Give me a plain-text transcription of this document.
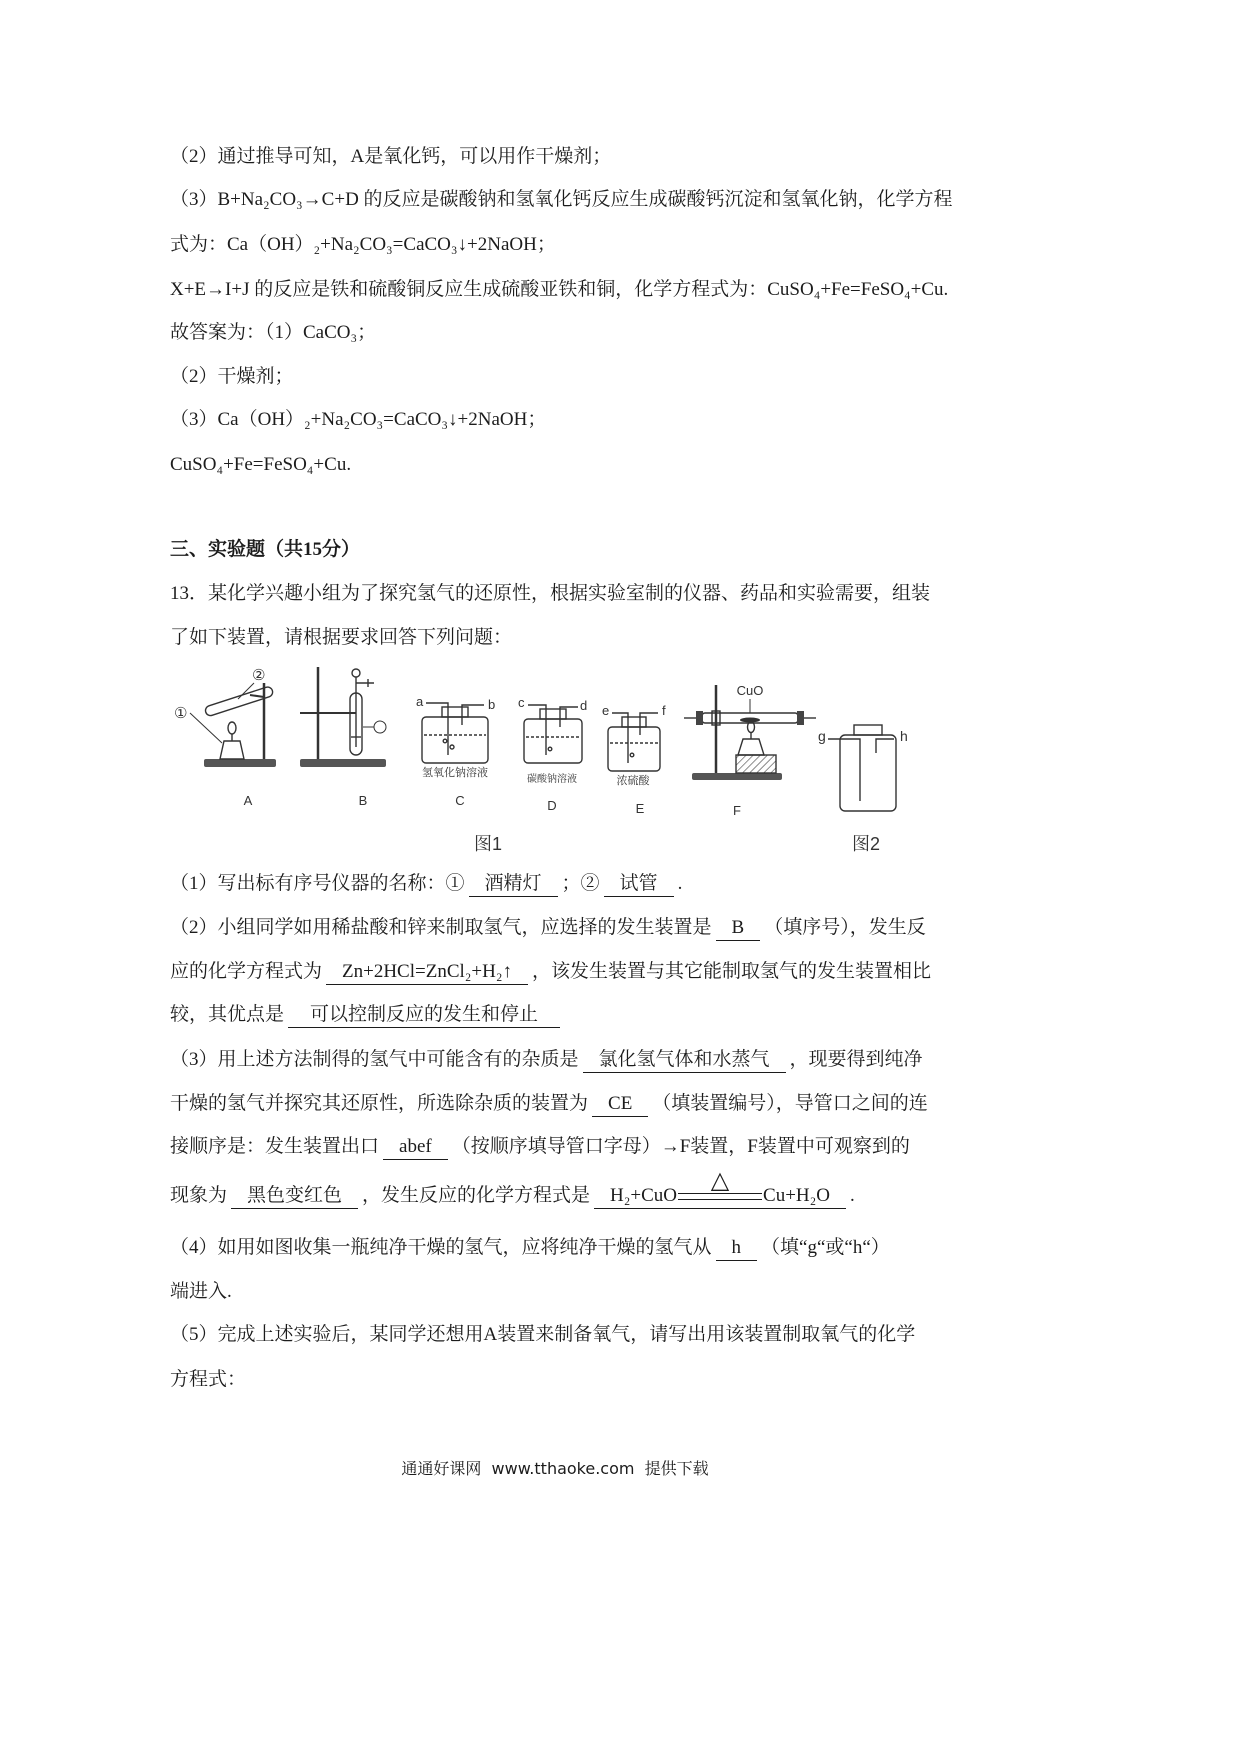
（2）通过推导可知，A是氧化钙，可以用作干燥剂；
（3）B+Na₂CO₃→C+D 的反应是碳酸钠和氢氧化钙反应生成碳酸钙沉淀和氢氧化钠，化学方程
式为：Ca（OH）₂+Na₂CO₃=CaCO₃↓+2NaOH；
X+E→I+J 的反应是铁和硫酸铜反应生成硫酸亚铁和铜，化学方程式为：CuSO₄+Fe=FeSO₄+Cu.
故答案为：（1）CaCO₃；
（2）干燥剂；
（3）Ca（OH）₂+Na₂CO₃=CaCO₃↓+2NaOH；
CuSO₄+Fe=FeSO₄+Cu.
三、实验题（共15分）
13．某化学兴趣小组为了探究氢气的还原性，根据实验室制的仪器、药品和实验需要，组装
了如下装置，请根据要求回答下列问题：
①
②
a	b c	d e	f
g	h
氢氧化钠溶液
碳酸钠溶液	浓硫酸
CuO
A	B	C	D	E	F
图1	图2
（1）写出标有序号仪器的名称：① 酒精灯 ；② 试管 .
（2）小组同学如用稀盐酸和锌来制取氢气，应选择的发生装置是 B （填序号），发生反
应的化学方程式为 Zn+2HCl=ZnCl₂+H₂↑ ，该发生装置与其它能制取氢气的发生装置相比
较，其优点是 可以控制反应的发生和停止
（3）用上述方法制得的氢气中可能含有的杂质是 氯化氢气体和水蒸气 ，现要得到纯净
干燥的氢气并探究其还原性，所选除杂质的装置为 CE （填装置编号），导管口之间的连
接顺序是：发生装置出口 abef （按顺序填导管口字母）→F装置，F装置中可观察到的
现象为 黑色变红色 ，发生反应的化学方程式是 H₂+CuO
△
Cu+H₂O .
（4）如用如图收集一瓶纯净干燥的氢气，应将纯净干燥的氢气从 h （填“g“或“h“）
端进入.
（5）完成上述实验后，某同学还想用A装置来制备氧气，请写出用该装置制取氧气的化学
方程式：
通通好课网  www.tthaoke.com  提供下载
